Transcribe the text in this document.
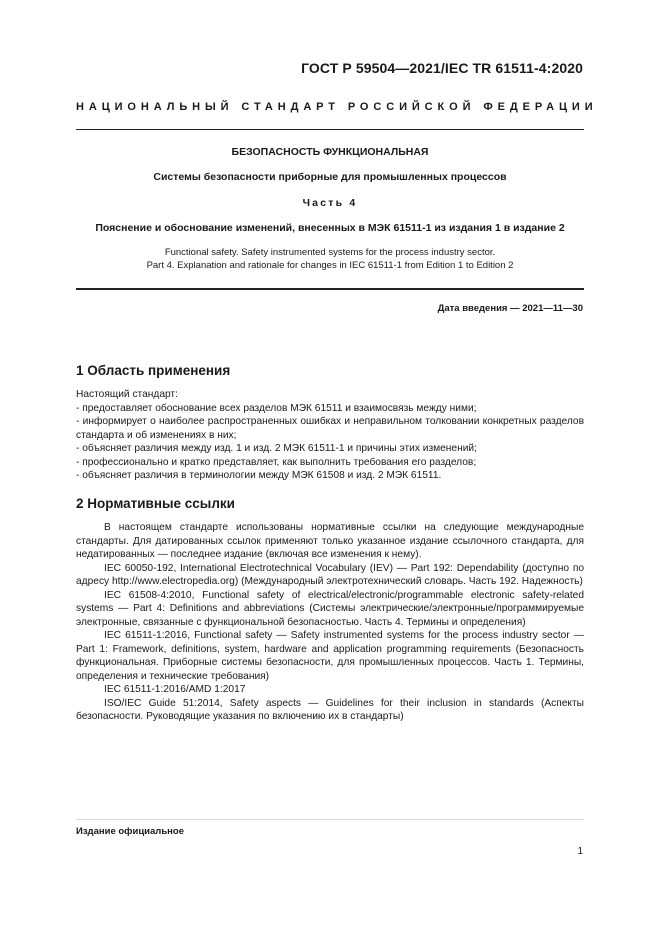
ГОСТ Р 59504—2021/IEC TR 61511-4:2020
НАЦИОНАЛЬНЫЙ СТАНДАРТ РОССИЙСКОЙ ФЕДЕРАЦИИ
БЕЗОПАСНОСТЬ ФУНКЦИОНАЛЬНАЯ
Системы безопасности приборные для промышленных процессов
Часть 4
Пояснение и обоснование изменений, внесенных в МЭК 61511-1 из издания 1 в издание 2
Functional safety. Safety instrumented systems for the process industry sector.
Part 4. Explanation and rationale for changes in IEC 61511-1 from Edition 1 to Edition 2
Дата введения — 2021—11—30
1 Область применения

Настоящий стандарт:

- предоставляет обоснование всех разделов МЭК 61511 и взаимосвязь между ними;

- информирует о наиболее распространенных ошибках и неправильном толковании конкретных разделов стандарта и об изменениях в них;

- объясняет различия между изд. 1 и изд. 2 МЭК 61511-1 и причины этих изменений;

- профессионально и кратко представляет, как выполнить требования его разделов;

- объясняет различия в терминологии между МЭК 61508 и изд. 2 МЭК 61511.

2 Нормативные ссылки

В настоящем стандарте использованы нормативные ссылки на следующие международные стандарты. Для датированных ссылок применяют только указанное издание ссылочного стандарта, для недатированных — последнее издание (включая все изменения к нему).

IEC 60050-192, International Electrotechnical Vocabulary (IEV) — Part 192: Dependability (доступно по адресу http://www.electropedia.org) (Международный электротехнический словарь. Часть 192. Надежность)

IEC 61508-4:2010, Functional safety of electrical/electronic/programmable electronic safety-related systems — Part 4: Definitions and abbreviations (Системы электрические/электронные/программируемые электронные, связанные с функциональной безопасностью. Часть 4. Термины и определения)

IEC 61511-1:2016, Functional safety — Safety instrumented systems for the process industry sector — Part 1: Framework, definitions, system, hardware and application programming requirements (Безопасность функциональная. Приборные системы безопасности, для промышленных процессов. Часть 1. Термины, определения и технические требования)

IEC 61511-1:2016/AMD 1:2017

ISO/IEC Guide 51:2014, Safety aspects — Guidelines for their inclusion in standards (Аспекты безопасности. Руководящие указания по включению их в стандарты)

Издание официальное
1
